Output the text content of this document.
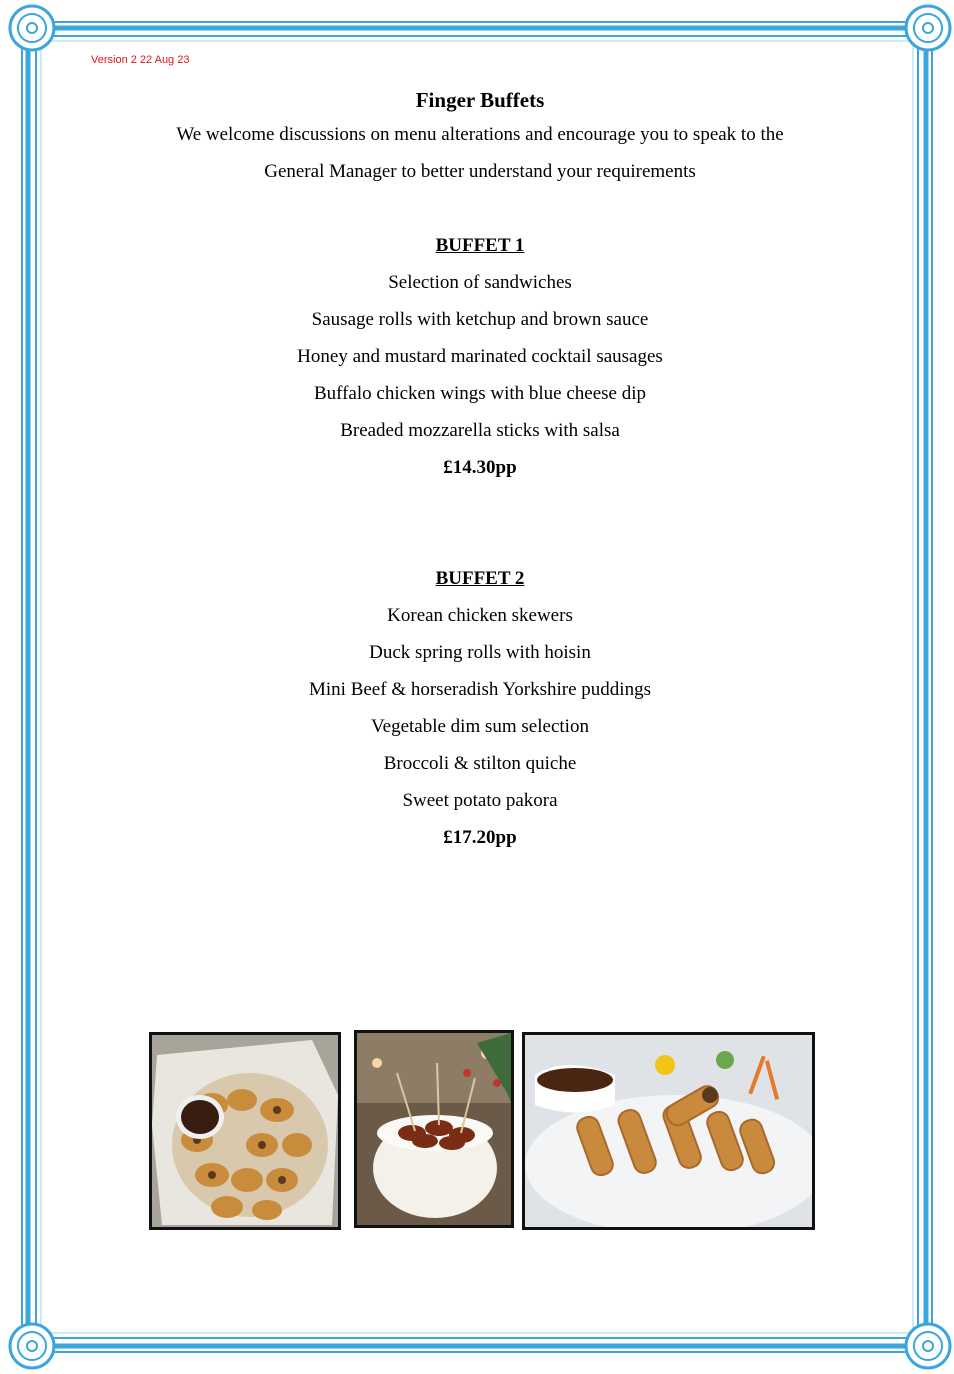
Version 2 22 Aug 23

Finger Buffets

We welcome discussions on menu alterations and encourage you to speak to the

General Manager to better understand your requirements

BUFFET 1

Selection of sandwiches

Sausage rolls with ketchup and brown sauce

Honey and mustard marinated cocktail sausages

Buffalo chicken wings with blue cheese dip

Breaded mozzarella sticks with salsa

£14.30pp

BUFFET 2

Korean chicken skewers

Duck spring rolls with hoisin

Mini Beef & horseradish Yorkshire puddings

Vegetable dim sum selection

Broccoli & stilton quiche

Sweet potato pakora

£17.20pp
